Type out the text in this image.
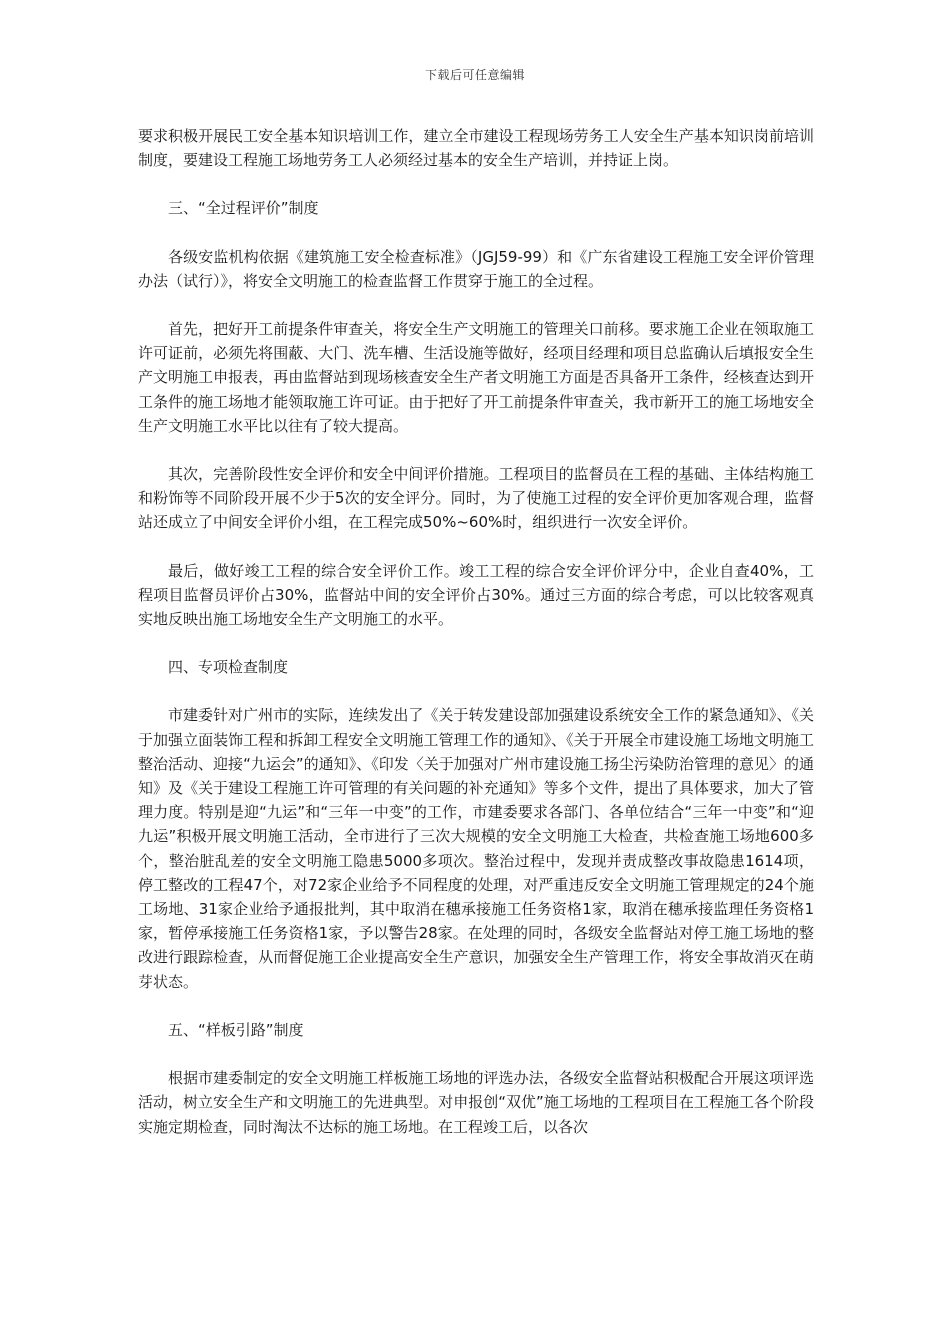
下载后可任意编辑

要求积极开展民工安全基本知识培训工作，建立全市建设工程现场劳务工人安全生产基本知识岗前培训制度，要建设工程施工场地劳务工人必须经过基本的安全生产培训，并持证上岗。

三、“全过程评价”制度

各级安监机构依据《建筑施工安全检查标准》（JGJ59-99）和《广东省建设工程施工安全评价管理办法（试行）》，将安全文明施工的检查监督工作贯穿于施工的全过程。

首先，把好开工前提条件审查关，将安全生产文明施工的管理关口前移。要求施工企业在领取施工许可证前，必须先将围蔽、大门、洗车槽、生活设施等做好，经项目经理和项目总监确认后填报安全生产文明施工申报表，再由监督站到现场核查安全生产者文明施工方面是否具备开工条件，经核查达到开工条件的施工场地才能领取施工许可证。由于把好了开工前提条件审查关，我市新开工的施工场地安全生产文明施工水平比以往有了较大提高。

其次，完善阶段性安全评价和安全中间评价措施。工程项目的监督员在工程的基础、主体结构施工和粉饰等不同阶段开展不少于5次的安全评分。同时，为了使施工过程的安全评价更加客观合理，监督站还成立了中间安全评价小组，在工程完成50%~60%时，组织进行一次安全评价。

最后，做好竣工工程的综合安全评价工作。竣工工程的综合安全评价评分中，企业自查40%，工程项目监督员评价占30%，监督站中间的安全评价占30%。通过三方面的综合考虑，可以比较客观真实地反映出施工场地安全生产文明施工的水平。

四、专项检查制度

市建委针对广州市的实际，连续发出了《关于转发建设部加强建设系统安全工作的紧急通知》、《关于加强立面装饰工程和拆卸工程安全文明施工管理工作的通知》、《关于开展全市建设施工场地文明施工整治活动、迎接“九运会”的通知》、《印发〈关于加强对广州市建设施工扬尘污染防治管理的意见〉的通知》及《关于建设工程施工许可管理的有关问题的补充通知》等多个文件，提出了具体要求，加大了管理力度。特别是迎“九运”和“三年一中变”的工作，市建委要求各部门、各单位结合“三年一中变”和“迎九运”积极开展文明施工活动，全市进行了三次大规模的安全文明施工大检查，共检查施工场地600多个，整治脏乱差的安全文明施工隐患5000多项次。整治过程中，发现并责成整改事故隐患1614项，停工整改的工程47个，对72家企业给予不同程度的处理，对严重违反安全文明施工管理规定的24个施工场地、31家企业给予通报批判，其中取消在穗承接施工任务资格1家，取消在穗承接监理任务资格1家，暂停承接施工任务资格1家，予以警告28家。在处理的同时，各级安全监督站对停工施工场地的整改进行跟踪检查，从而督促施工企业提高安全生产意识，加强安全生产管理工作，将安全事故消灭在萌芽状态。

五、“样板引路”制度

根据市建委制定的安全文明施工样板施工场地的评选办法，各级安全监督站积极配合开展这项评选活动，树立安全生产和文明施工的先进典型。对申报创“双优”施工场地的工程项目在工程施工各个阶段实施定期检查，同时淘汰不达标的施工场地。在工程竣工后，以各次
